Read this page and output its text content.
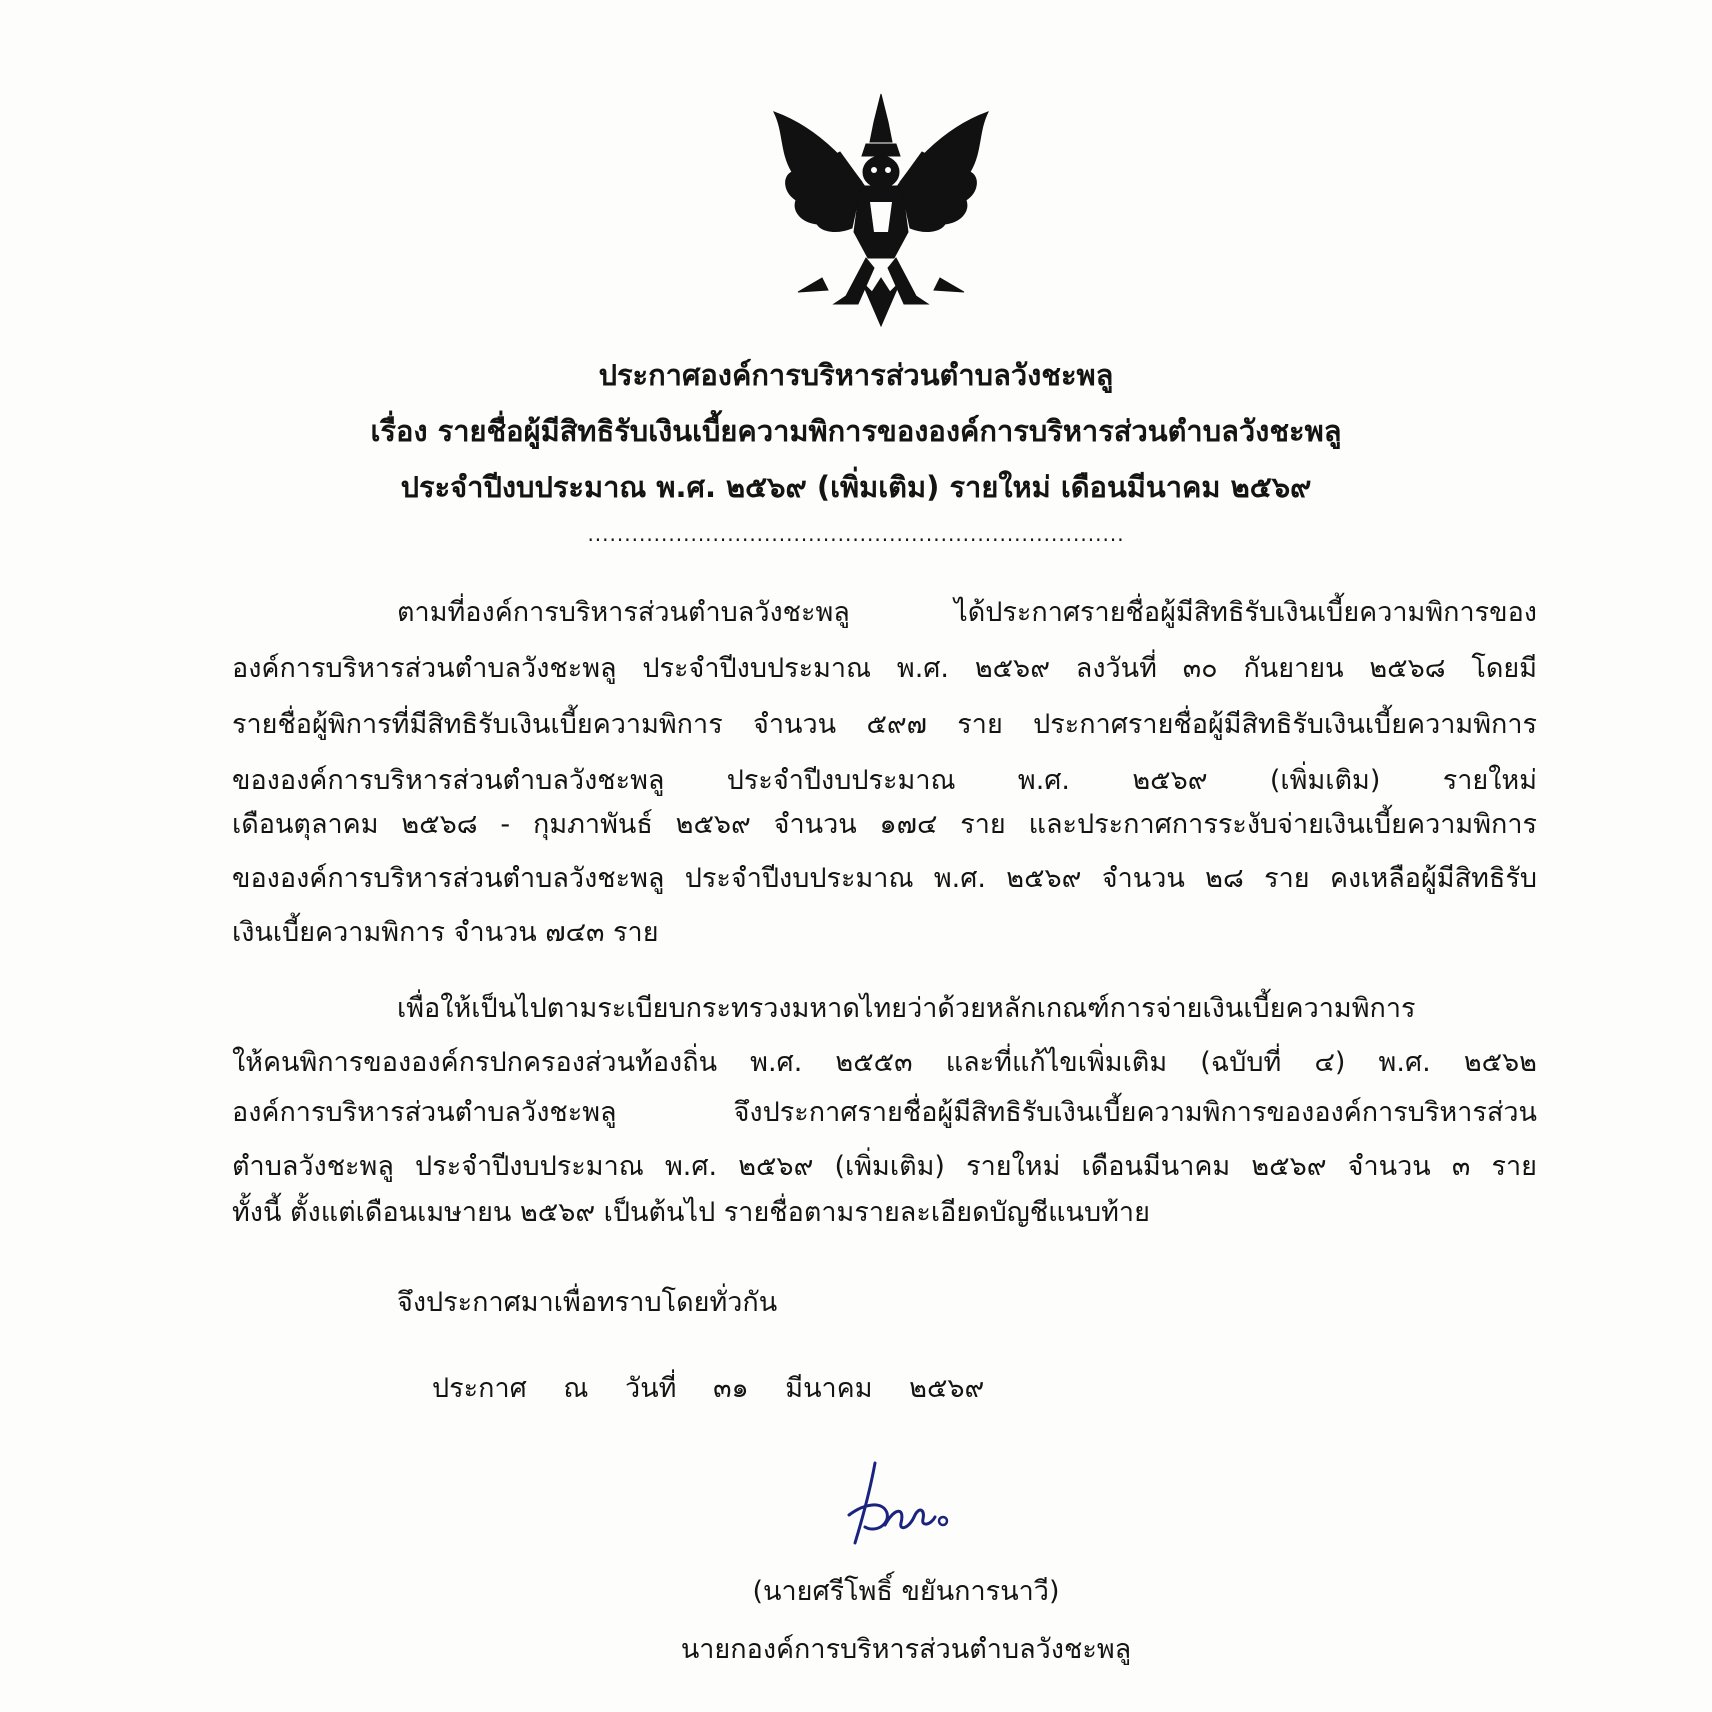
ประกาศองค์การบริหารส่วนตำบลวังชะพลู
เรื่อง รายชื่อผู้มีสิทธิรับเงินเบี้ยความพิการขององค์การบริหารส่วนตำบลวังชะพลู
ประจำปีงบประมาณ พ.ศ. ๒๕๖๙ (เพิ่มเติม) รายใหม่ เดือนมีนาคม ๒๕๖๙
.........................................................................
ตามที่องค์การบริหารส่วนตำบลวังชะพลู ได้ประกาศรายชื่อผู้มีสิทธิรับเงินเบี้ยความพิการของ
องค์การบริหารส่วนตำบลวังชะพลู ประจำปีงบประมาณ พ.ศ. ๒๕๖๙ ลงวันที่ ๓๐ กันยายน ๒๕๖๘ โดยมี
รายชื่อผู้พิการที่มีสิทธิรับเงินเบี้ยความพิการ จำนวน ๕๙๗ ราย ประกาศรายชื่อผู้มีสิทธิรับเงินเบี้ยความพิการ
ขององค์การบริหารส่วนตำบลวังชะพลู ประจำปีงบประมาณ พ.ศ. ๒๕๖๙ (เพิ่มเติม) รายใหม่
เดือนตุลาคม ๒๕๖๘ - กุมภาพันธ์ ๒๕๖๙ จำนวน ๑๗๔ ราย และประกาศการระงับจ่ายเงินเบี้ยความพิการ
ขององค์การบริหารส่วนตำบลวังชะพลู ประจำปีงบประมาณ พ.ศ. ๒๕๖๙ จำนวน ๒๘ ราย คงเหลือผู้มีสิทธิรับ
เงินเบี้ยความพิการ จำนวน ๗๔๓ ราย
เพื่อให้เป็นไปตามระเบียบกระทรวงมหาดไทยว่าด้วยหลักเกณฑ์การจ่ายเงินเบี้ยความพิการ
ให้คนพิการขององค์กรปกครองส่วนท้องถิ่น พ.ศ. ๒๕๕๓ และที่แก้ไขเพิ่มเติม (ฉบับที่ ๔) พ.ศ. ๒๕๖๒
องค์การบริหารส่วนตำบลวังชะพลู จึงประกาศรายชื่อผู้มีสิทธิรับเงินเบี้ยความพิการขององค์การบริหารส่วน
ตำบลวังชะพลู ประจำปีงบประมาณ พ.ศ. ๒๕๖๙ (เพิ่มเติม) รายใหม่ เดือนมีนาคม ๒๕๖๙ จำนวน ๓ ราย
ทั้งนี้ ตั้งแต่เดือนเมษายน ๒๕๖๙ เป็นต้นไป รายชื่อตามรายละเอียดบัญชีแนบท้าย
จึงประกาศมาเพื่อทราบโดยทั่วกัน
ประกาศ ณ วันที่ ๓๑ มีนาคม ๒๕๖๙
(นายศรีโพธิ์ ขยันการนาวี)
นายกองค์การบริหารส่วนตำบลวังชะพลู
